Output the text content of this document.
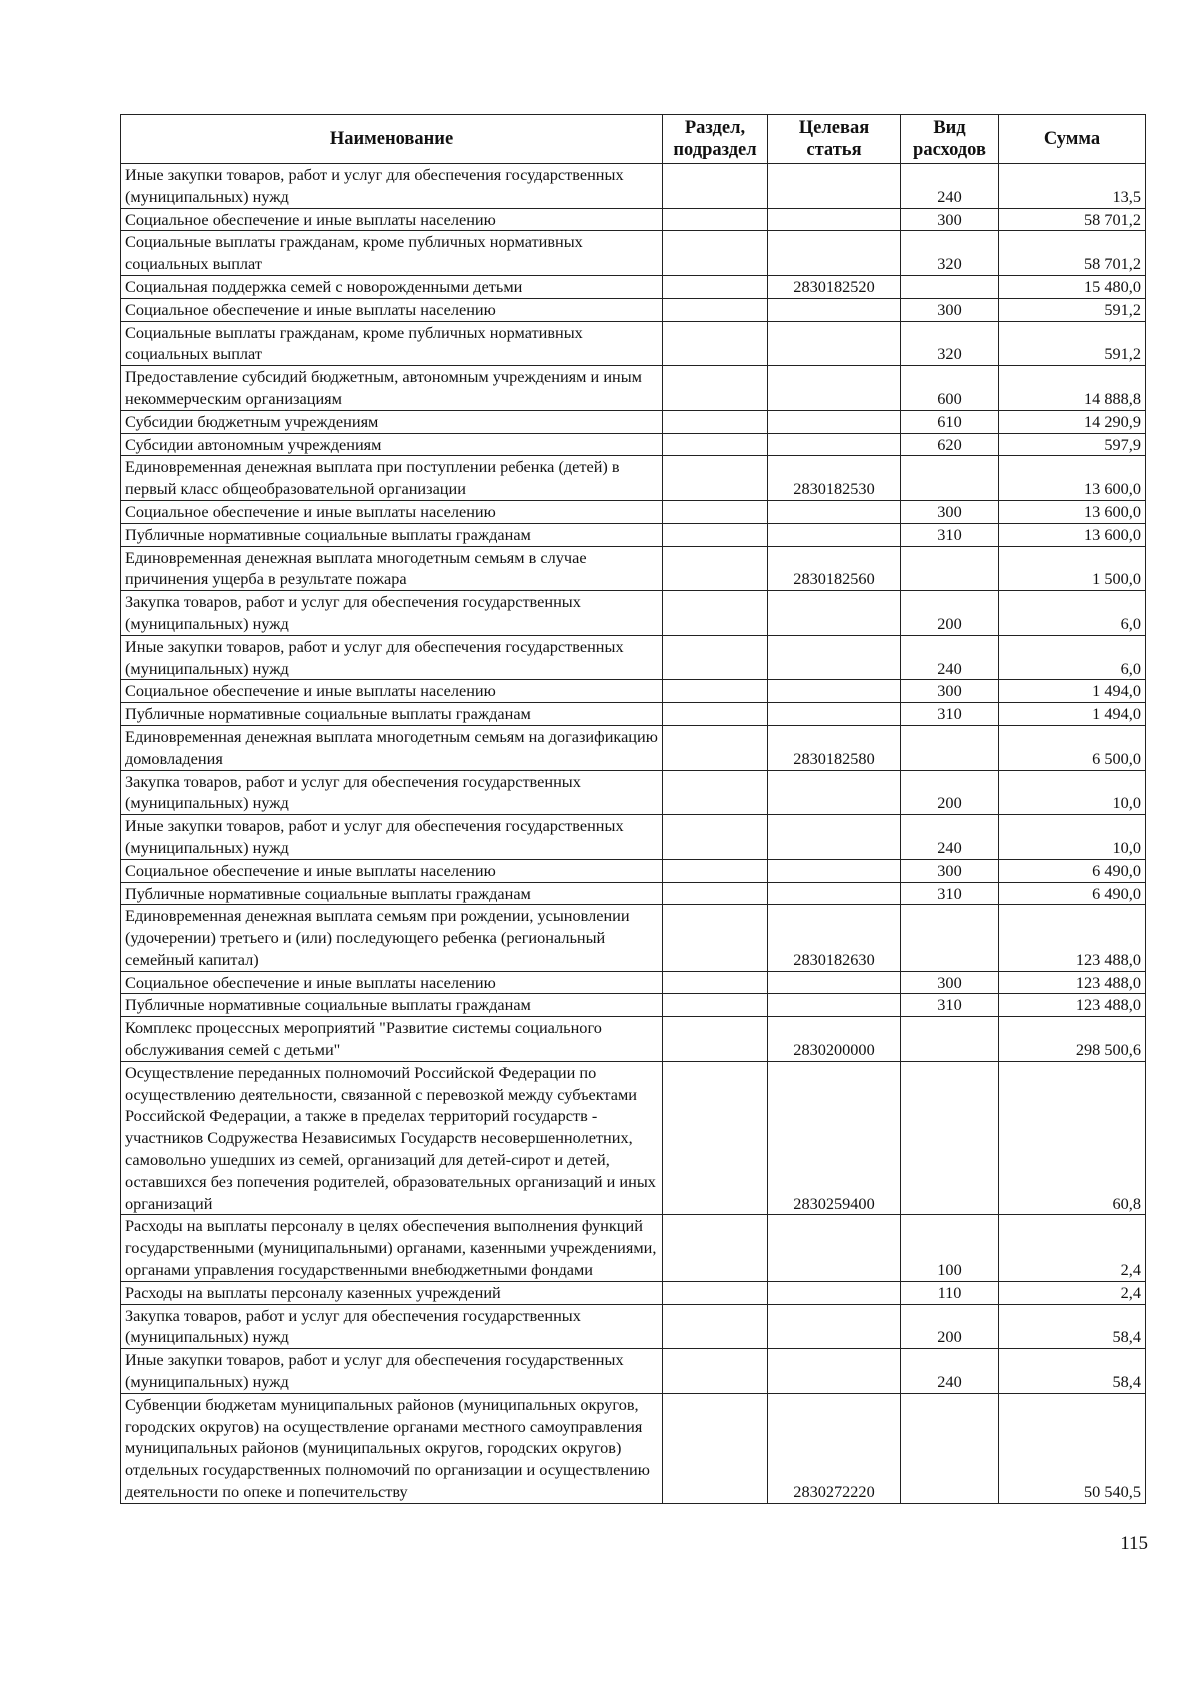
Наименование	Раздел, подраздел	Целевая статья	Вид расходов	Сумма
Иные закупки товаров, работ и услуг для обеспечения государственных (муниципальных) нужд			240	13,5
Социальное обеспечение и иные выплаты населению			300	58 701,2
Социальные выплаты гражданам, кроме публичных нормативных социальных выплат			320	58 701,2
Социальная поддержка семей с новорожденными детьми		2830182520		15 480,0
Социальное обеспечение и иные выплаты населению			300	591,2
Социальные выплаты гражданам, кроме публичных нормативных социальных выплат			320	591,2
Предоставление субсидий бюджетным, автономным учреждениям и иным некоммерческим организациям			600	14 888,8
Субсидии бюджетным учреждениям			610	14 290,9
Субсидии автономным учреждениям			620	597,9
Единовременная денежная выплата при поступлении ребенка (детей) в первый класс общеобразовательной организации		2830182530		13 600,0
Социальное обеспечение и иные выплаты населению			300	13 600,0
Публичные нормативные социальные выплаты гражданам			310	13 600,0
Единовременная денежная выплата многодетным семьям в случае причинения ущерба в результате пожара		2830182560		1 500,0
Закупка товаров, работ и услуг для обеспечения государственных (муниципальных) нужд			200	6,0
Иные закупки товаров, работ и услуг для обеспечения государственных (муниципальных) нужд			240	6,0
Социальное обеспечение и иные выплаты населению			300	1 494,0
Публичные нормативные социальные выплаты гражданам			310	1 494,0
Единовременная денежная выплата многодетным семьям на догазификацию домовладения		2830182580		6 500,0
Закупка товаров, работ и услуг для обеспечения государственных (муниципальных) нужд			200	10,0
Иные закупки товаров, работ и услуг для обеспечения государственных (муниципальных) нужд			240	10,0
Социальное обеспечение и иные выплаты населению			300	6 490,0
Публичные нормативные социальные выплаты гражданам			310	6 490,0
Единовременная денежная выплата семьям при рождении, усыновлении (удочерении) третьего и (или) последующего ребенка (региональный семейный капитал)		2830182630		123 488,0
Социальное обеспечение и иные выплаты населению			300	123 488,0
Публичные нормативные социальные выплаты гражданам			310	123 488,0
Комплекс процессных мероприятий "Развитие системы социального обслуживания семей с детьми"		2830200000		298 500,6
Осуществление переданных полномочий Российской Федерации по осуществлению деятельности, связанной с перевозкой между субъектами Российской Федерации, а также в пределах территорий государств - участников Содружества Независимых Государств несовершеннолетних, самовольно ушедших из семей, организаций для детей-сирот и детей, оставшихся без попечения родителей, образовательных организаций и иных организаций		2830259400		60,8
Расходы на выплаты персоналу в целях обеспечения выполнения функций государственными (муниципальными) органами, казенными учреждениями, органами управления государственными внебюджетными фондами			100	2,4
Расходы на выплаты персоналу казенных учреждений			110	2,4
Закупка товаров, работ и услуг для обеспечения государственных (муниципальных) нужд			200	58,4
Иные закупки товаров, работ и услуг для обеспечения государственных (муниципальных) нужд			240	58,4
Субвенции бюджетам муниципальных районов (муниципальных округов, городских округов) на осуществление органами местного самоуправления муниципальных районов (муниципальных округов, городских округов) отдельных государственных полномочий по организации и осуществлению деятельности по опеке и попечительству		2830272220		50 540,5
115
